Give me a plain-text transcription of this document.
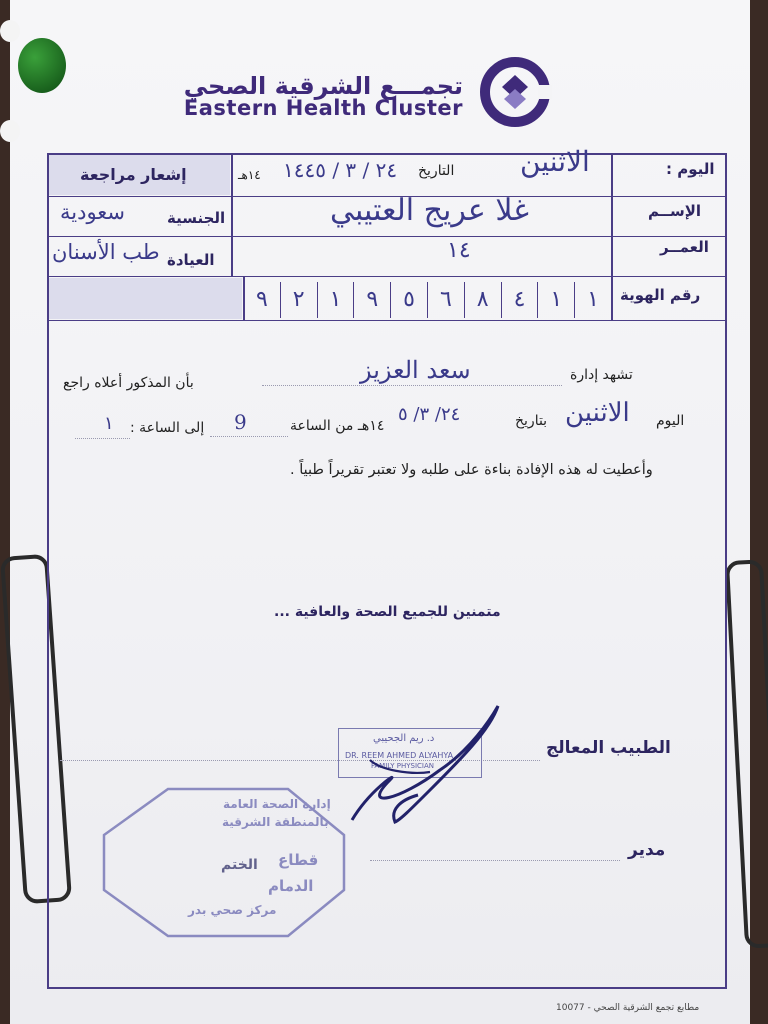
تجمـــع الشرقية الصحي
Eastern Health Cluster
إشعار مراجعة	اليوم :
الاثنين
التاريخ
٢٤ / ٣ / ١٤٤٥
١٤هـ
الإســم
غلا عريج العتيبي
الجنسية
سعودية
العمــر
١٤
العيادة
طب الأسنان
رقم الهوية
١
١
٤
٨
٦
٥
٩
١
٢
٩
تشهد إدارة
سعد العزيز
بأن المذكور أعلاه راجع
اليوم
الاثنين
بتاريخ
٢٤/ ٣/ ٥
١٤هـ من الساعة
9
إلى الساعة :
١
وأعطيت له هذه الإفادة بناءة على طلبه ولا تعتبر تقريراً طبياً .
متمنين للجميع الصحة والعافية ...
الطبيب المعالج
مدير
د. ريم الجحيبي
DR. REEM AHMED ALYAHYA
FAMILY PHYSICIAN
إدارة الصحة العامة
بالمنطقة الشرقية
قطاع
الختم
الدمام
مركز صحي بدر
مطابع تجمع الشرقية الصحي - 10077
